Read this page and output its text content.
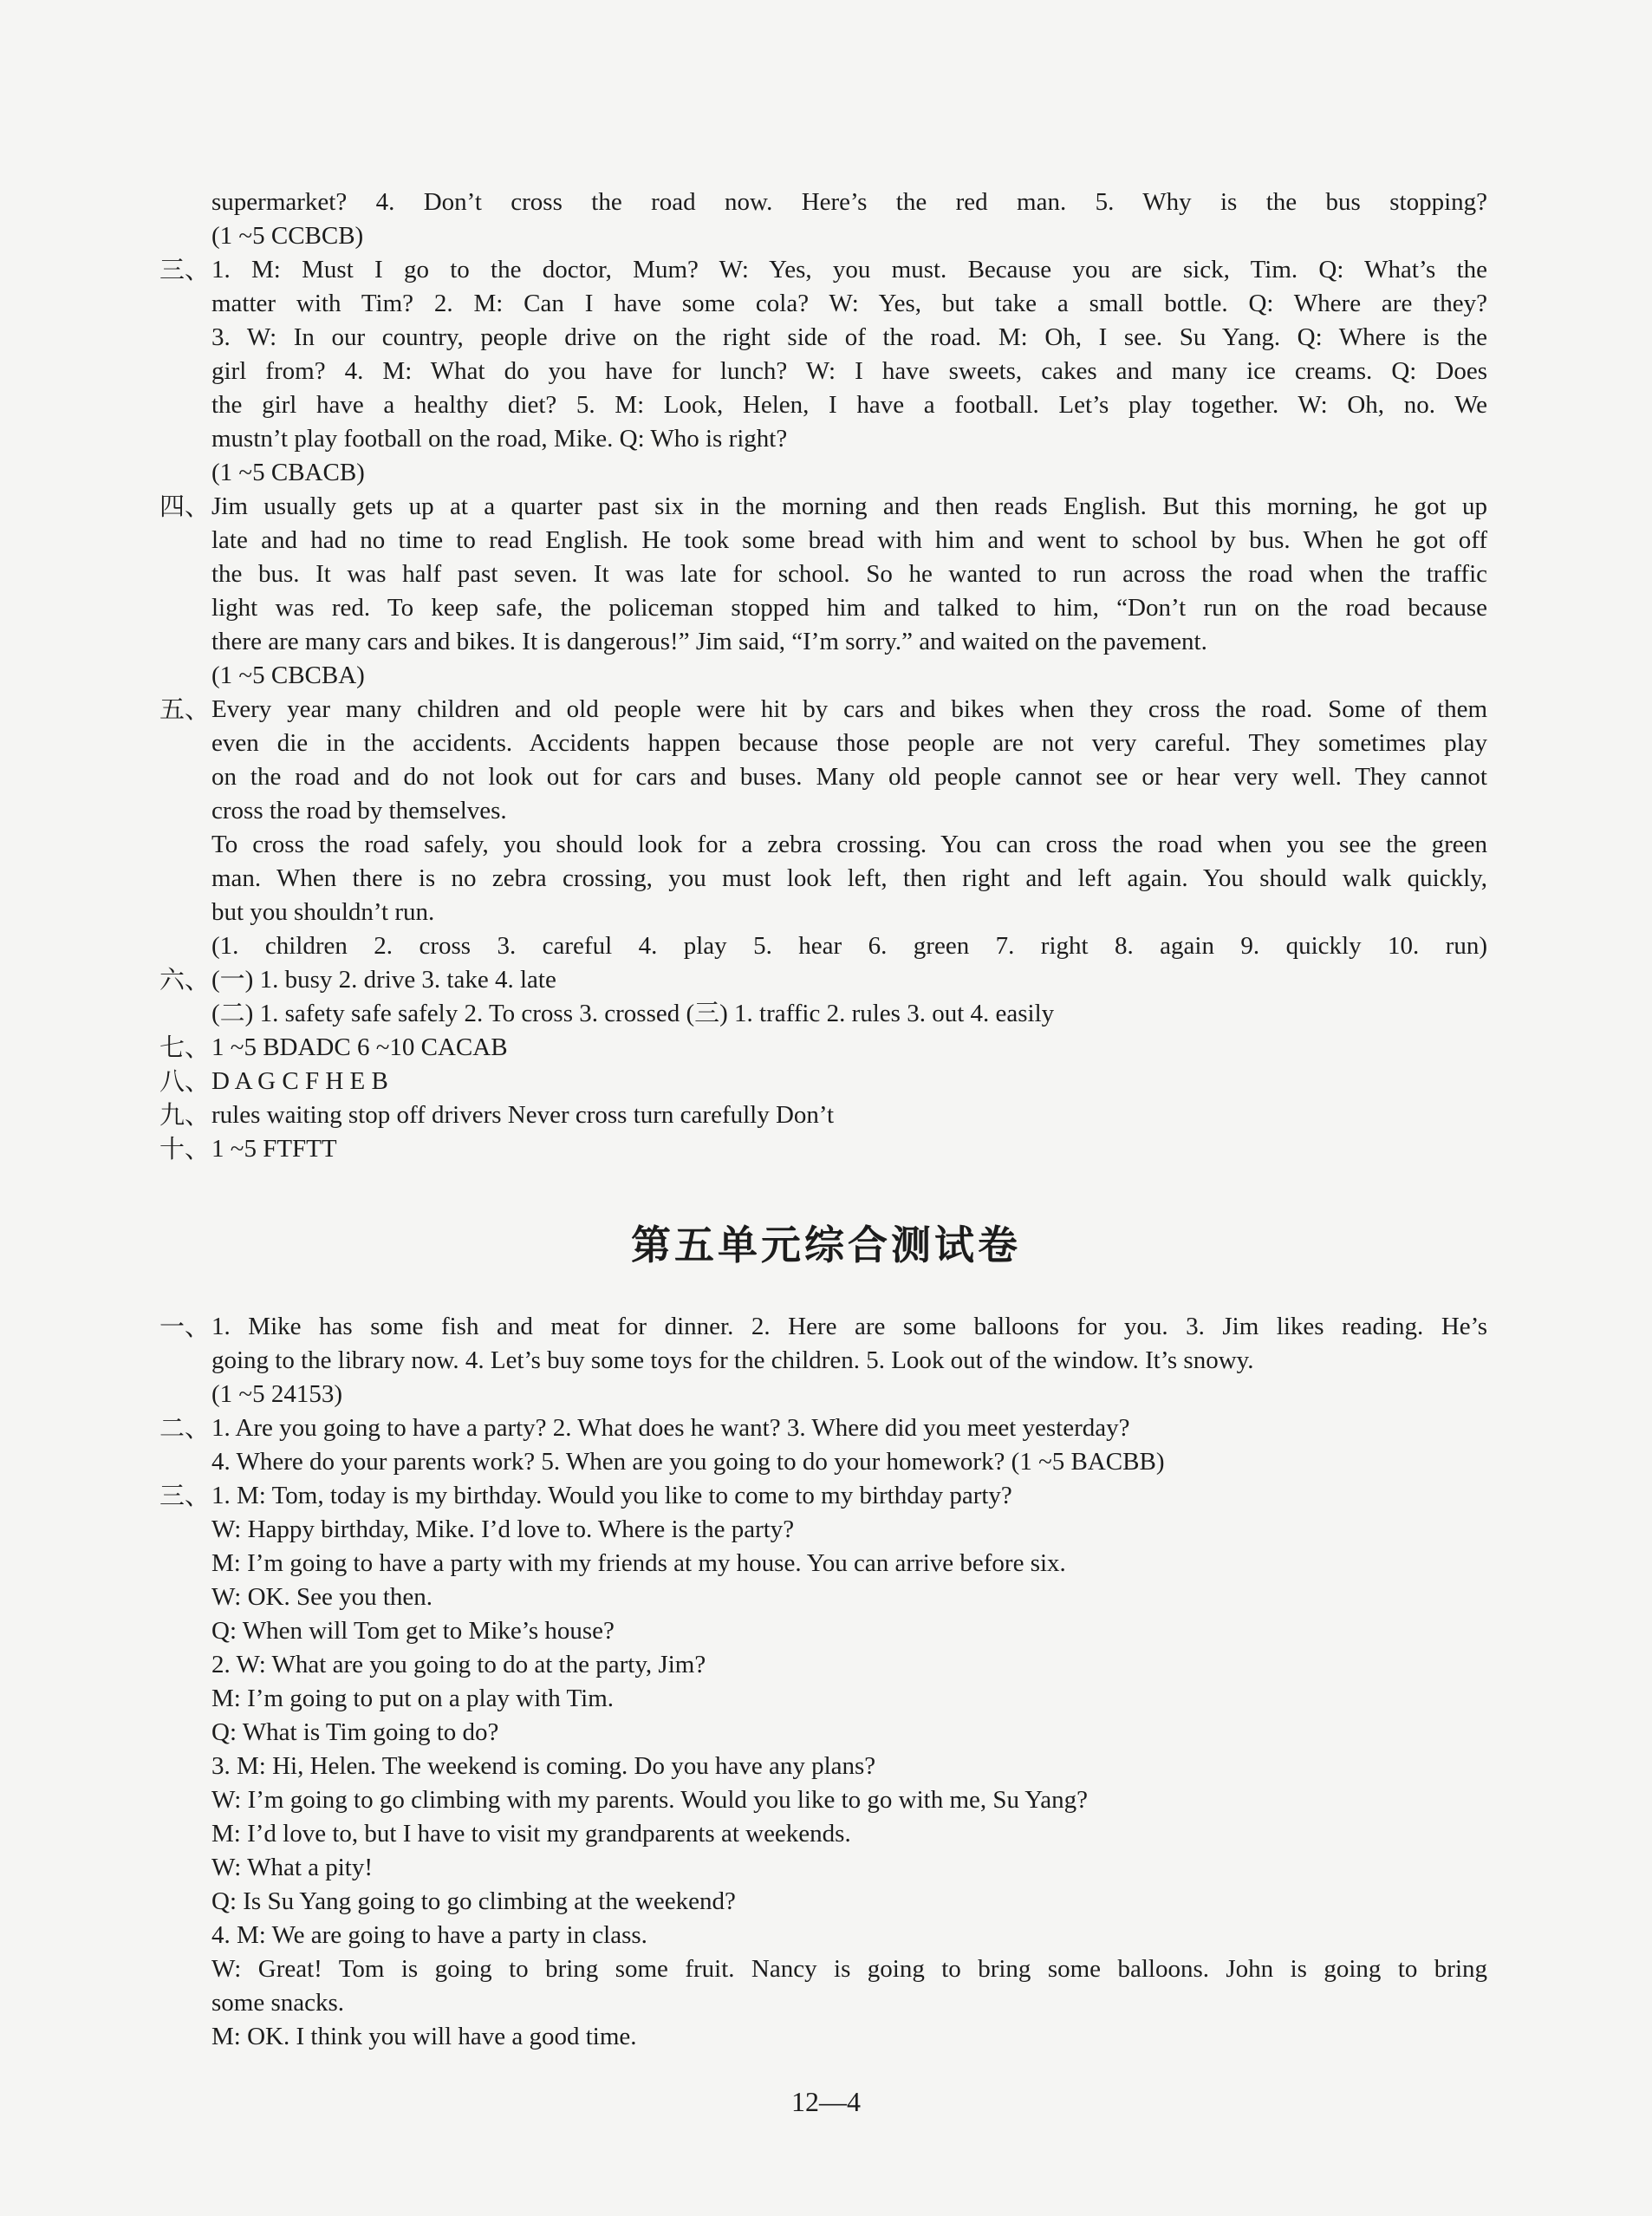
supermarket? 4. Don’t cross the road now. Here’s the red man. 5. Why is the bus stopping?
(1 ~5 CCBCB)
三、 1. M: Must I go to the doctor, Mum? W: Yes, you must. Because you are sick, Tim. Q: What’s the
matter with Tim? 2. M: Can I have some cola? W: Yes, but take a small bottle. Q: Where are they?
3. W: In our country, people drive on the right side of the road. M: Oh, I see. Su Yang. Q: Where is the
girl from? 4. M: What do you have for lunch? W: I have sweets, cakes and many ice creams. Q: Does
the girl have a healthy diet? 5. M: Look, Helen, I have a football. Let’s play together. W: Oh, no. We
mustn’t play football on the road, Mike. Q: Who is right?
(1 ~5 CBACB)
四、 Jim usually gets up at a quarter past six in the morning and then reads English. But this morning, he got up
late and had no time to read English. He took some bread with him and went to school by bus. When he got off
the bus. It was half past seven. It was late for school. So he wanted to run across the road when the traffic
light was red. To keep safe, the policeman stopped him and talked to him, “Don’t run on the road because
there are many cars and bikes. It is dangerous!” Jim said, “I’m sorry.” and waited on the pavement.
(1 ~5 CBCBA)
五、 Every year many children and old people were hit by cars and bikes when they cross the road. Some of them
even die in the accidents. Accidents happen because those people are not very careful. They sometimes play
on the road and do not look out for cars and buses. Many old people cannot see or hear very well. They cannot
cross the road by themselves.
To cross the road safely, you should look for a zebra crossing. You can cross the road when you see the green
man. When there is no zebra crossing, you must look left, then right and left again. You should walk quickly,
but you shouldn’t run.
(1. children 2. cross 3. careful 4. play 5. hear 6. green 7. right 8. again 9. quickly 10. run)
六、 (一) 1. busy 2. drive 3. take 4. late
(二) 1. safety safe safely 2. To cross 3. crossed (三) 1. traffic 2. rules 3. out 4. easily
七、 1 ~5 BDADC 6 ~10 CACAB
八、 D A G C F H E B
九、 rules waiting stop off drivers Never cross turn carefully Don’t
十、 1 ~5 FTFTT
第五单元综合测试卷
一、 1. Mike has some fish and meat for dinner. 2. Here are some balloons for you. 3. Jim likes reading. He’s
going to the library now. 4. Let’s buy some toys for the children. 5. Look out of the window. It’s snowy.
(1 ~5 24153)
二、 1. Are you going to have a party? 2. What does he want? 3. Where did you meet yesterday?
4. Where do your parents work? 5. When are you going to do your homework? (1 ~5 BACBB)
三、 1. M: Tom, today is my birthday. Would you like to come to my birthday party?
W: Happy birthday, Mike. I’d love to. Where is the party?
M: I’m going to have a party with my friends at my house. You can arrive before six.
W: OK. See you then.
Q: When will Tom get to Mike’s house?
2. W: What are you going to do at the party, Jim?
M: I’m going to put on a play with Tim.
Q: What is Tim going to do?
3. M: Hi, Helen. The weekend is coming. Do you have any plans?
W: I’m going to go climbing with my parents. Would you like to go with me, Su Yang?
M: I’d love to, but I have to visit my grandparents at weekends.
W: What a pity!
Q: Is Su Yang going to go climbing at the weekend?
4. M: We are going to have a party in class.
W: Great! Tom is going to bring some fruit. Nancy is going to bring some balloons. John is going to bring
some snacks.
M: OK. I think you will have a good time.
12—4
